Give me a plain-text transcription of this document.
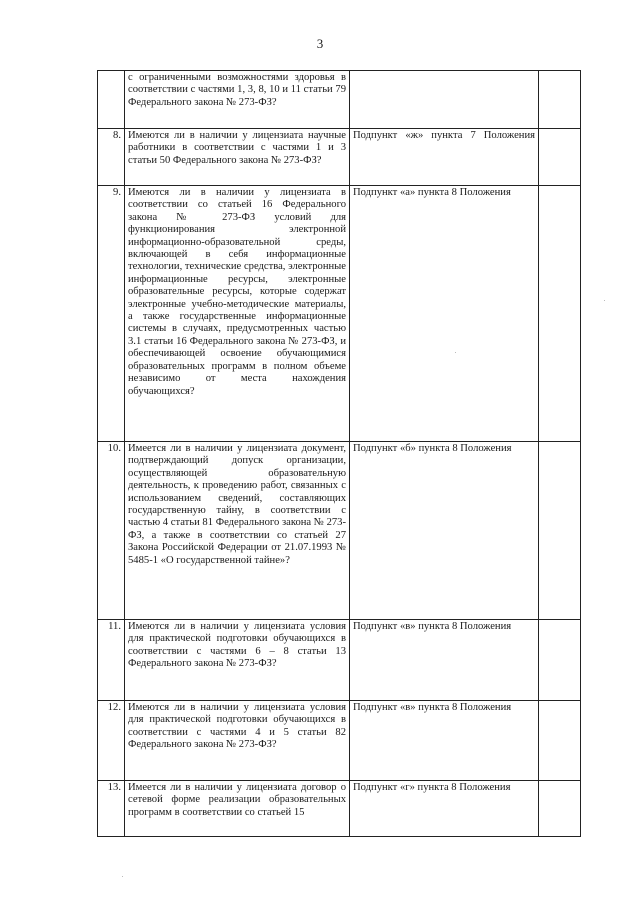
3
	с ограниченными возможностями здоровья в соответствии с частями 1, 3, 8, 10 и 11 статьи 79 Федерального закона № 273-ФЗ?		
8.	Имеются ли в наличии у лицензиата научные работники в соответствии с частями 1 и 3 статьи 50 Федерального закона № 273-ФЗ?	Подпункт «ж» пункта 7 Положения	
9.	Имеются ли в наличии у лицензиата в соответствии со статьей 16 Федерального закона № 273-ФЗ условий для функционирования электронной информационно-образовательной среды, включающей в себя информационные технологии, технические средства, электронные информационные ресурсы, электронные образовательные ресурсы, которые содержат электронные учебно-методические материалы, а также государственные информационные системы в случаях, предусмотренных частью 3.1 статьи 16 Федерального закона № 273-ФЗ, и обеспечивающей освоение обучающимися образовательных программ в полном объеме независимо от места нахождения обучающихся?	Подпункт «а» пункта 8 Положения	
10.	Имеется ли в наличии у лицензиата документ, подтверждающий допуск организации, осуществляющей образовательную деятельность, к проведению работ, связанных с использованием сведений, составляющих государственную тайну, в соответствии с частью 4 статьи 81 Федерального закона № 273-ФЗ, а также в соответствии со статьей 27 Закона Российской Федерации от 21.07.1993 № 5485-1 «О государственной тайне»?	Подпункт «б» пункта 8 Положения	
11.	Имеются ли в наличии у лицензиата условия для практической подготовки обучающихся в соответствии с частями 6 – 8 статьи 13 Федерального закона № 273-ФЗ?	Подпункт «в» пункта 8 Положения	
12.	Имеются ли в наличии у лицензиата условия для практической подготовки обучающихся в соответствии с частями 4 и 5 статьи 82 Федерального закона № 273-ФЗ?	Подпункт «в» пункта 8 Положения	
13.	Имеется ли в наличии у лицензиата договор о сетевой форме реализации образовательных программ в соответствии со статьей 15	Подпункт «г» пункта 8 Положения	
